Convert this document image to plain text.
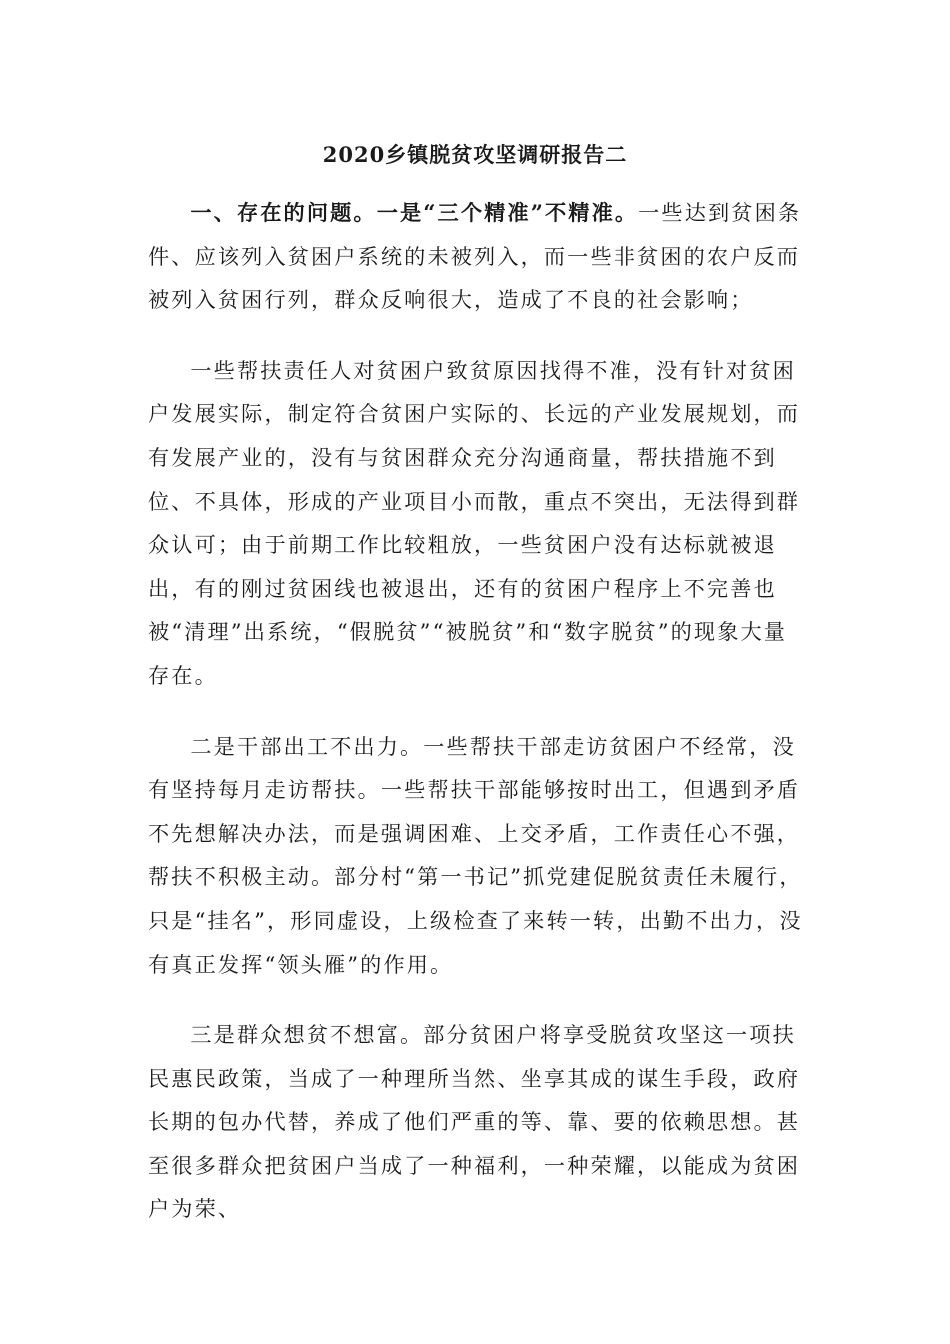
2020乡镇脱贫攻坚调研报告二

一、存在的问题。一是“三个精准”不精准。一些达到贫困条件、应该列入贫困户系统的未被列入，而一些非贫困的农户反而被列入贫困行列，群众反响很大，造成了不良的社会影响；

一些帮扶责任人对贫困户致贫原因找得不准，没有针对贫困户发展实际，制定符合贫困户实际的、长远的产业发展规划，而有发展产业的，没有与贫困群众充分沟通商量，帮扶措施不到位、不具体，形成的产业项目小而散，重点不突出，无法得到群众认可；由于前期工作比较粗放，一些贫困户没有达标就被退出，有的刚过贫困线也被退出，还有的贫困户程序上不完善也被“清理”出系统，“假脱贫”“被脱贫”和“数字脱贫”的现象大量存在。

二是干部出工不出力。一些帮扶干部走访贫困户不经常，没有坚持每月走访帮扶。一些帮扶干部能够按时出工，但遇到矛盾不先想解决办法，而是强调困难、上交矛盾，工作责任心不强，帮扶不积极主动。部分村“第一书记”抓党建促脱贫责任未履行，只是“挂名”，形同虚设，上级检查了来转一转，出勤不出力，没有真正发挥“领头雁”的作用。

三是群众想贫不想富。部分贫困户将享受脱贫攻坚这一项扶民惠民政策，当成了一种理所当然、坐享其成的谋生手段，政府长期的包办代替，养成了他们严重的等、靠、要的依赖思想。甚至很多群众把贫困户当成了一种福利，一种荣耀，以能成为贫困户为荣、
